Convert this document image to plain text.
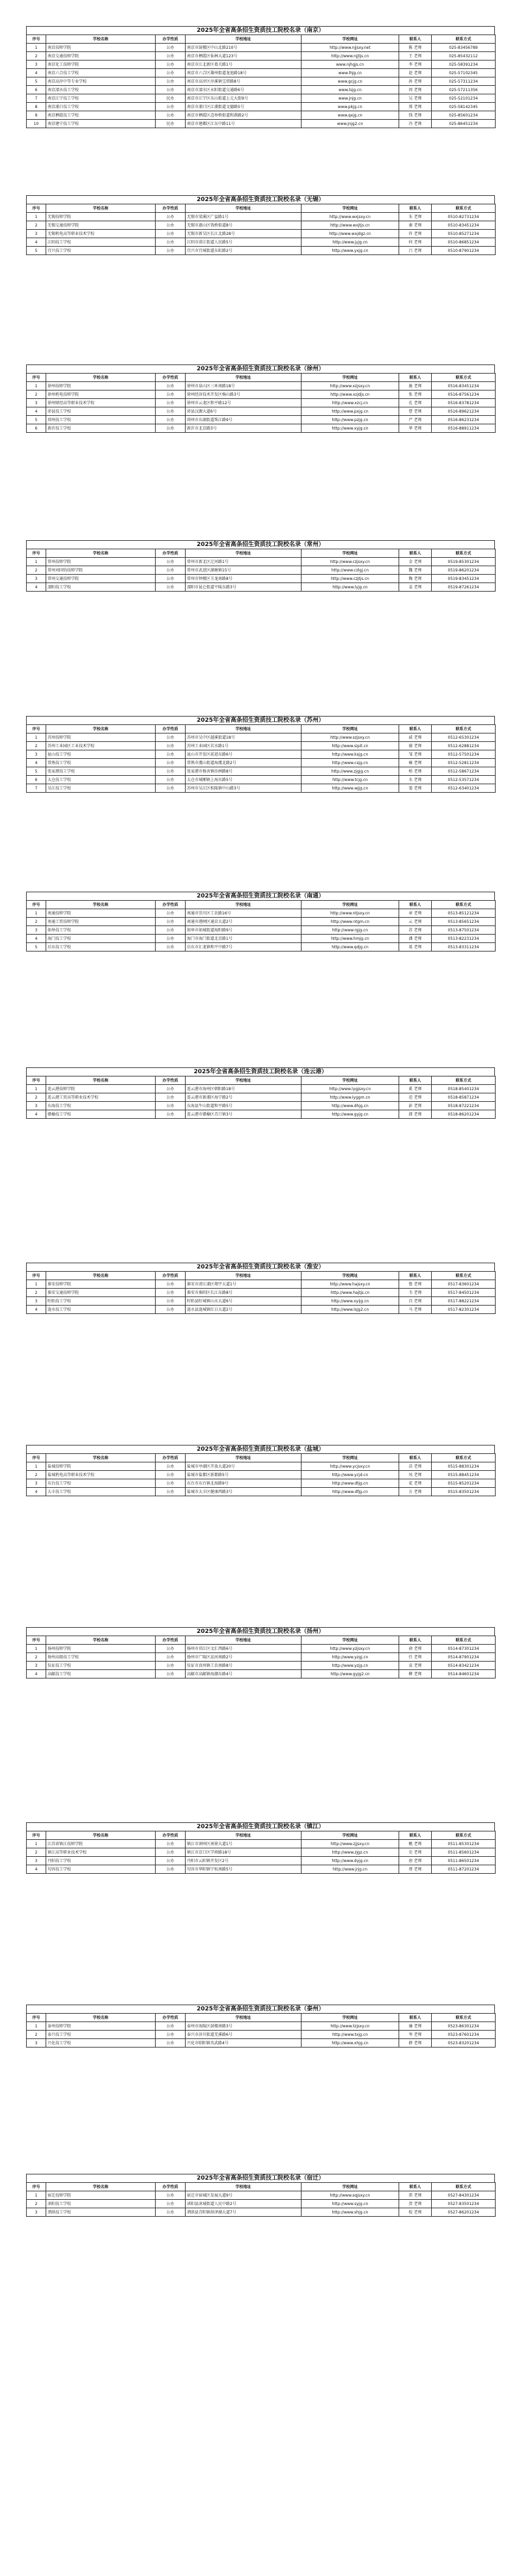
2025年全省高条招生资质技工院校名录（南京）
序号	学校名称	办学性质	学校地址	学校网址	联系人	联系方式
1	南京技师学院	公办	南京市鼓楼区中山北路210号	http://www.njjsxy.net	陈 老师	025-83456789
2	南京交通技师学院	公办	南京市栖霞区仙林大道123号	http://www.njjtjs.cn	王 老师	025-85432112
3	南京化工技师学院	公办	南京市江北新区葛关路1号	www.njhgjs.cn	李 老师	025-58391234
4	南京六合技工学校	公办	南京市六合区雄州街道龙池路18号	www.lhjg.cn	赵 老师	025-57102345
5	南京高淳中等专业学校	公办	南京市高淳区淳溪镇宝塔路8号	www.gcjg.cn	孙 老师	025-57311234
6	南京溧水技工学校	公办	南京市溧水区永阳街道交通路6号	www.lsjg.cn	周 老师	025-57211356
7	南京江宁技工学校	民办	南京市江宁区东山街道上元大街9号	www.jnjg.cn	吴 老师	025-52101234
8	南京浦口技工学校	公办	南京市浦口区江浦街道文德路5号	www.pkjg.cn	郑 老师	025-58142345
9	南京栖霞技工学校	公办	南京市栖霞区迈皋桥街道和燕路2号	www.qxjg.cn	钱 老师	025-85601234
10	南京建宁技工学校	民办	南京市建邺区江东中路11号	www.jnjg2.cn	冯 老师	025-86451234
2025年全省高条招生资质技工院校名录（无锡）
序号	学校名称	办学性质	学校地址	学校网址	联系人	联系方式
1	无锡技师学院	公办	无锡市梁溪区广益路1号	http://www.wxjsxy.cn	朱 老师	0510-82731234
2	无锡交通技师学院	公办	无锡市惠山区钱桥街道8号	http://www.wxjtjs.cn	秦 老师	0510-83451234
3	无锡机电高等职业技术学校	公办	无锡市新吴区长江北路28号	http://www.wxjdgz.cn	许 老师	0510-85271234
4	江阴技工学校	公办	江阴市澄江街道人民路5号	http://www.jyjg.cn	何 老师	0510-86851234
5	宜兴技工学校	公办	宜兴市宜城街道东虹路2号	http://www.yxjg.cn	吕 老师	0510-87901234
2025年全省高条招生资质技工院校名录（徐州）
序号	学校名称	办学性质	学校地址	学校网址	联系人	联系方式
1	徐州技师学院	公办	徐州市泉山区三环南路18号	http://www.xzjsxy.cn	施 老师	0516-83451234
2	徐州机电技师学院	公办	徐州经济技术开发区杨山路3号	http://www.xzjdjs.cn	张 老师	0516-87561234
3	徐州财经高等职业技术学校	公办	徐州市云龙区和平路12号	http://www.xzcj.cn	孔 老师	0516-83781234
4	沛县技工学校	公办	沛县汉源大道6号	http://www.pxjg.cn	曹 老师	0516-89621234
5	邳州技工学校	公办	邳州市东湖街道珠江路9号	http://www.pzjg.cn	严 老师	0516-86231234
6	新沂技工学校	公办	新沂市北京路3号	http://www.xyjg.cn	华 老师	0516-88911234
2025年全省高条招生资质技工院校名录（常州）
序号	学校名称	办学性质	学校地址	学校网址	联系人	联系方式
1	常州技师学院	公办	常州市新北区辽河路1号	http://www.czjsxy.cn	金 老师	0519-85301234
2	常州刘国钧技师学院	公办	常州市武进区湖塘镇15号	http://www.czlgj.cn	魏 老师	0519-86201234
3	常州交通技师学院	公办	常州市钟楼区玉龙南路8号	http://www.czjtjs.cn	陶 老师	0519-83451234
4	溧阳技工学校	公办	溧阳市昆仑街道平陵东路3号	http://www.lyjg.cn	姜 老师	0519-87261234
2025年全省高条招生资质技工院校名录（苏州）
序号	学校名称	办学性质	学校地址	学校网址	联系人	联系方式
1	苏州技师学院	公办	苏州市吴中区越溪街道18号	http://www.szjsxy.cn	戚 老师	0512-65301234
2	苏州工业园区工业技术学校	公办	苏州工业园区若水路1号	http://www.sipit.cn	谢 老师	0512-62881234
3	昆山技工学校	公办	昆山市开发区前进东路6号	http://www.ksjg.cn	邹 老师	0512-57501234
4	常熟技工学校	公办	常熟市虞山街道海虞北路2号	http://www.csjg.cn	喻 老师	0512-52811234
5	张家港技工学校	公办	张家港市杨舍镇沙洲路8号	http://www.zjgjg.cn	柏 老师	0512-58671234
6	太仓技工学校	公办	太仓市城厢镇上海东路5号	http://www.tcjg.cn	水 老师	0512-53571234
7	吴江技工学校	公办	苏州市吴江区松陵镇中山路3号	http://www.wjjg.cn	窦 老师	0512-63401234
2025年全省高条招生资质技工院校名录（南通）
序号	学校名称	办学性质	学校地址	学校网址	联系人	联系方式
1	南通技师学院	公办	南通市崇川区工农路16号	http://www.ntjsxy.cn	章 老师	0513-85121234
2	南通工贸技师学院	公办	南通市港闸区通京大道2号	http://www.ntgm.cn	云 老师	0513-85651234
3	如皋技工学校	公办	如皋市如城街道海阳路9号	http://www.rgjg.cn	苏 老师	0513-87501234
4	海门技工学校	公办	海门市海门街道北京路1号	http://www.hmjg.cn	潘 老师	0513-82231234
5	启东技工学校	公办	启东市汇龙镇和平中路7号	http://www.qdjg.cn	葛 老师	0513-83311234
2025年全省高条招生资质技工院校名录（连云港）
序号	学校名称	办学性质	学校地址	学校网址	联系人	联系方式
1	连云港技师学院	公办	连云港市海州区朝阳路18号	http://www.lygjsxy.cn	奚 老师	0518-85401234
2	连云港工贸高等职业技术学校	公办	连云港市新浦区海宁路2号	http://www.lyggm.cn	范 老师	0518-85871234
3	东海技工学校	公办	东海县牛山街道和平路5号	http://www.dhjg.cn	彭 老师	0518-87221234
4	赣榆技工学校	公办	连云港市赣榆区青口镇3号	http://www.gyjg.cn	郎 老师	0518-86201234
2025年全省高条招生资质技工院校名录（淮安）
序号	学校名称	办学性质	学校地址	学校网址	联系人	联系方式
1	淮安技师学院	公办	淮安市清江浦区翔宇大道1号	http://www.hajsxy.cn	鲁 老师	0517-83601234
2	淮安交通技师学院	公办	淮安市淮阴区长江东路8号	http://www.hajtjs.cn	韦 老师	0517-84501234
3	盱眙技工学校	公办	盱眙县盱城镇山水大道6号	http://www.xyijg.cn	昌 老师	0517-88221234
4	涟水技工学校	公办	涟水县涟城镇红日大道2号	http://www.lsjg2.cn	马 老师	0517-82301234
2025年全省高条招生资质技工院校名录（盐城）
序号	学校名称	办学性质	学校地址	学校网址	联系人	联系方式
1	盐城技师学院	公办	盐城市亭湖区开放大道20号	http://www.ycjsxy.cn	苗 老师	0515-88301234
2	盐城机电高等职业技术学校	公办	盐城市盐都区新都路5号	http://www.ycjd.cn	凤 老师	0515-88451234
3	东台技工学校	公办	东台市东台镇北海路9号	http://www.dtjg.cn	花 老师	0515-85201234
4	大丰技工学校	公办	盐城市大丰区健康西路3号	http://www.dfjg.cn	方 老师	0515-83501234
2025年全省高条招生资质技工院校名录（扬州）
序号	学校名称	办学性质	学校地址	学校网址	联系人	联系方式
1	扬州技师学院	公办	扬州市邗江区文汇西路6号	http://www.yzjsxy.cn	俞 老师	0514-87301234
2	扬州高级技工学校	公办	扬州市广陵区运河南路2号	http://www.yzgj.cn	任 老师	0514-87901234
3	仪征技工学校	公办	仪征市真州镇工农南路8号	http://www.yzjg.cn	袁 老师	0514-83421234
4	高邮技工学校	公办	高邮市高邮镇海潮东路4号	http://www.gyjg2.cn	柳 老师	0514-84601234
2025年全省高条招生资质技工院校名录（镇江）
序号	学校名称	办学性质	学校地址	学校网址	联系人	联系方式
1	江苏省镇江技师学院	公办	镇江市润州区南徐大道1号	http://www.zjjsxy.cn	鲍 老师	0511-85301234
2	镇江高等职业技术学校	公办	镇江市京口区学府路18号	http://www.zjgz.cn	史 老师	0511-85601234
3	丹阳技工学校	公办	丹阳市云阳镇开发区2号	http://www.dyjg.cn	唐 老师	0511-86501234
4	句容技工学校	公办	句容市华阳镇宁杭南路5号	http://www.jrjg.cn	费 老师	0511-87201234
2025年全省高条招生资质技工院校名录（泰州）
序号	学校名称	办学性质	学校地址	学校网址	联系人	联系方式
1	泰州技师学院	公办	泰州市海陵区鼓楼南路3号	http://www.tzjsxy.cn	廉 老师	0523-86301234
2	泰兴技工学校	公办	泰兴市济川街道羌溪路6号	http://www.txjg.cn	岑 老师	0523-87601234
3	兴化技工学校	公办	兴化市昭阳镇英武路4号	http://www.xhjg.cn	薛 老师	0523-83201234
2025年全省高条招生资质技工院校名录（宿迁）
序号	学校名称	办学性质	学校地址	学校网址	联系人	联系方式
1	宿迁技师学院	公办	宿迁市宿城区发展大道9号	http://www.sqjsxy.cn	雷 老师	0527-84301234
2	沭阳技工学校	公办	沭阳县沭城街道人民中路2号	http://www.syjg.cn	贺 老师	0527-83501234
3	泗洪技工学校	公办	泗洪县青阳镇洪泽湖大道7号	http://www.shjg.cn	倪 老师	0527-86201234
